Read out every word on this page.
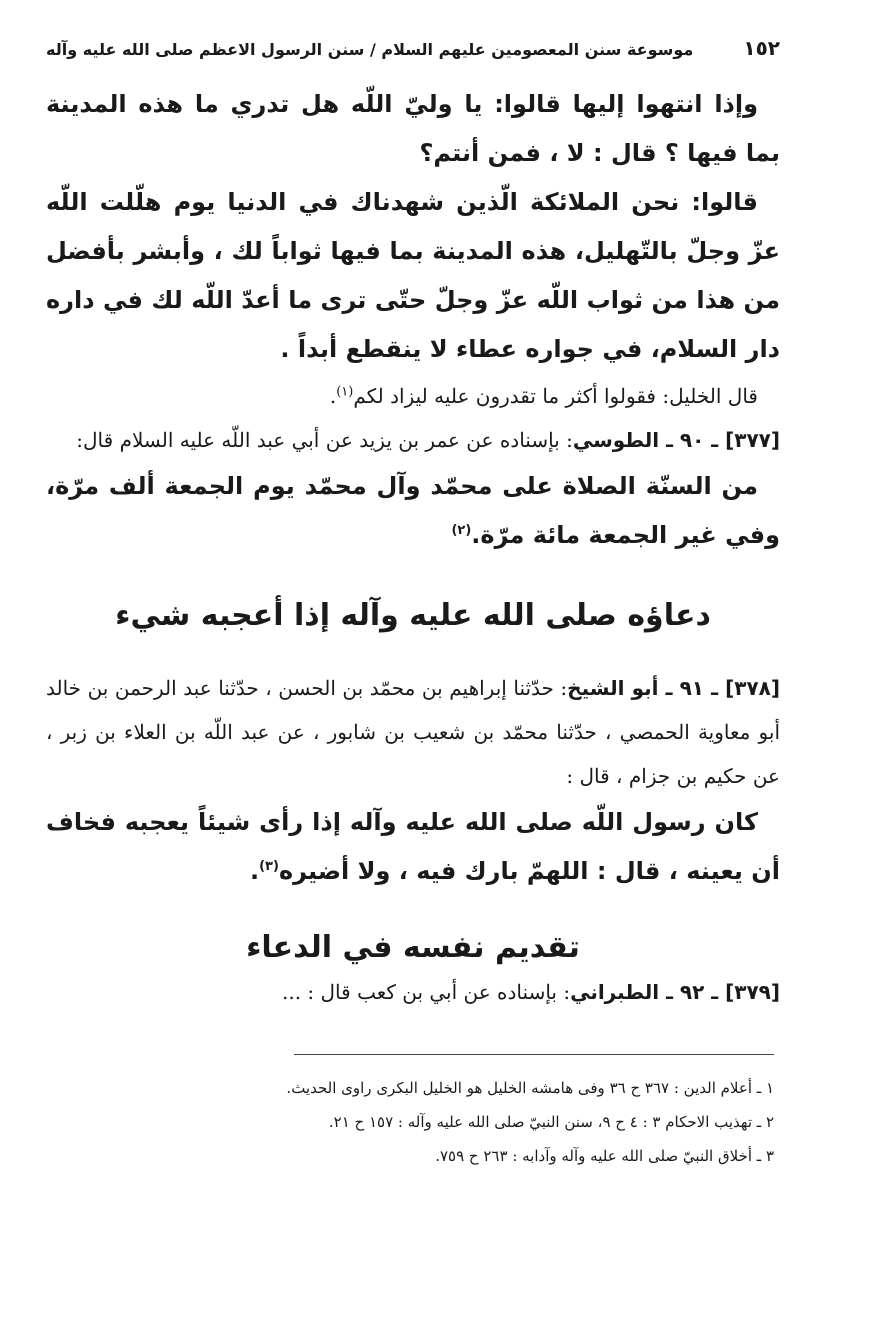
١٥٢
موسوعة سنن المعصومين عليهم السلام / سنن الرسول الاعظم صلى الله عليه وآله

وإذا انتهوا إليها قالوا: يا وليّ اللّه هل تدري ما هذه المدينة بما فيها ؟ قال : لا ، فمن أنتم؟

قالوا: نحن الملائكة الّذين شهدناك في الدنيا يوم هلّلت اللّه عزّ وجلّ بالتّهليل، هذه المدينة بما فيها ثواباً لك ، وأبشر بأفضل من هذا من ثواب اللّه عزّ وجلّ حتّى ترى ما أعدّ اللّه لك في داره دار السلام، في جواره عطاء لا ينقطع أبداً .

قال الخليل: فقولوا أكثر ما تقدرون عليه ليزاد لكم$^{(١)}$.

[٣٧٧] ـ ٩٠ ـ الطوسي: بإسناده عن عمر بن يزيد عن أبي عبد اللّه عليه السلام قال:

من السنّة الصلاة على محمّد وآل محمّد يوم الجمعة ألف مرّة، وفي غير الجمعة مائة مرّة.$^{(٢)}$

دعاؤه صلى الله عليه وآله إذا أعجبه شيء

[٣٧٨] ـ ٩١ ـ أبو الشيخ: حدّثنا إبراهيم بن محمّد بن الحسن ، حدّثنا عبد الرحمن بن خالد أبو معاوية الحمصي ، حدّثنا محمّد بن شعيب بن شابور ، عن عبد اللّه بن العلاء بن زبر ، عن حكيم بن جزام ، قال :

كان رسول اللّه صلى الله عليه وآله إذا رأى شيئاً يعجبه فخاف أن يعينه ، قال : اللهمّ بارك فيه ، ولا أضيره$^{(٣)}$.

تقديم نفسه في الدعاء

[٣٧٩] ـ ٩٢ ـ الطبراني: بإسناده عن أبي بن كعب قال : ...

١ ـ أعلام الدين : ٣٦٧ ح ٣٦ وفى هامشه الخليل هو الخليل البكرى راوى الحديث.

٢ ـ تهذيب الاحكام ٣ : ٤ ح ٩، سنن النبيّ صلى الله عليه وآله : ١٥٧ ح ٢١.

٣ ـ أخلاق النبيّ صلى الله عليه وآله وآدابه : ٢٦٣ ح ٧٥٩.
